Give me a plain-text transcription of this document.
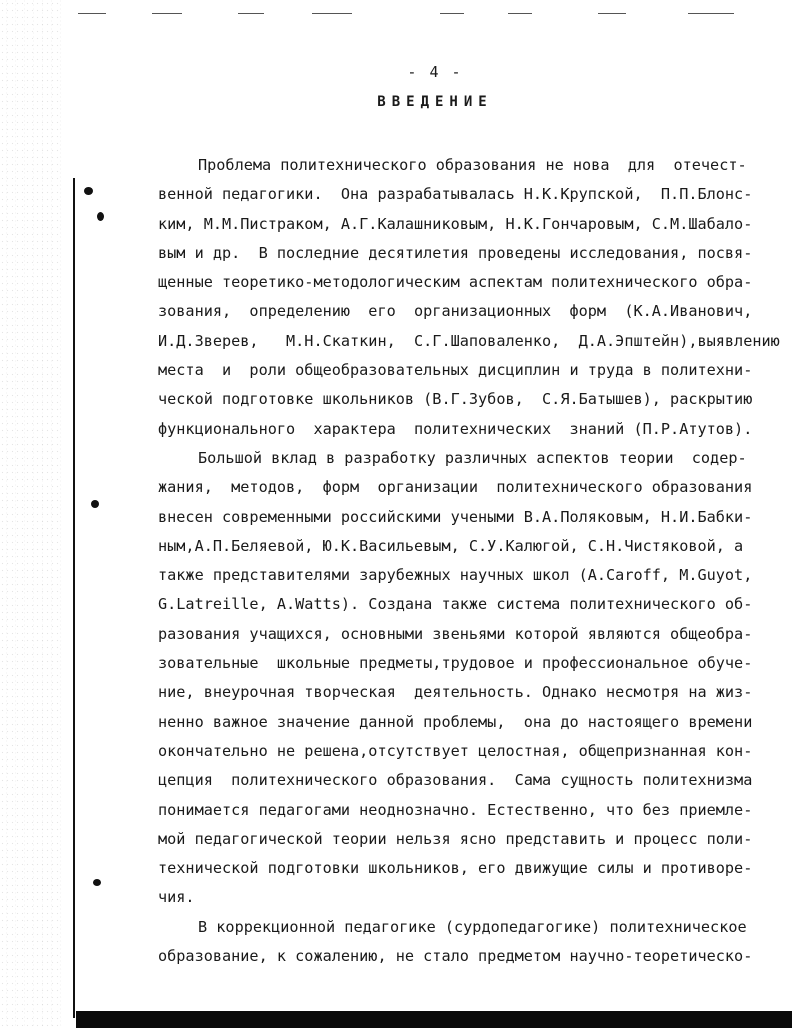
- 4 -
ВВЕДЕНИЕ
Проблема политехнического образования не нова  для  отечест-
венной педагогики.  Она разрабатывалась Н.К.Крупской,  П.П.Блонс-
ким, М.М.Пистраком, А.Г.Калашниковым, Н.К.Гончаровым, С.М.Шабало-
вым и др.  В последние десятилетия проведены исследования, посвя-
щенные теоретико-методологическим аспектам политехнического обра-
зования,  определению  его  организационных  форм  (К.А.Иванович,
И.Д.Зверев,   М.Н.Скаткин,  С.Г.Шаповаленко,  Д.А.Эпштейн),выявлению
места  и  роли общеобразовательных дисциплин и труда в политехни-
ческой подготовке школьников (В.Г.Зубов,  С.Я.Батышев), раскрытию
функционального  характера  политехнических  знаний (П.Р.Атутов).
Большой вклад в разработку различных аспектов теории  содер-
жания,  методов,  форм  организации  политехнического образования
внесен современными российскими учеными В.А.Поляковым, Н.И.Бабки-
ным,А.П.Беляевой, Ю.К.Васильевым, С.У.Калюгой, С.Н.Чистяковой, а
также представителями зарубежных научных школ (A.Caroff, M.Guyot,
G.Latreille, A.Watts). Создана также система политехнического об-
разования учащихся, основными звеньями которой являются общеобра-
зовательные  школьные предметы,трудовое и профессиональное обуче-
ние, внеурочная творческая  деятельность. Однако несмотря на жиз-
ненно важное значение данной проблемы,  она до настоящего времени
окончательно не решена,отсутствует целостная, общепризнанная кон-
цепция  политехнического образования.  Сама сущность политехнизма
понимается педагогами неоднозначно. Естественно, что без приемле-
мой педагогической теории нельзя ясно представить и процесс поли-
технической подготовки школьников, его движущие силы и противоре-
чия.
В коррекционной педагогике (сурдопедагогике) политехническое
образование, к сожалению, не стало предметом научно-теоретическо-
